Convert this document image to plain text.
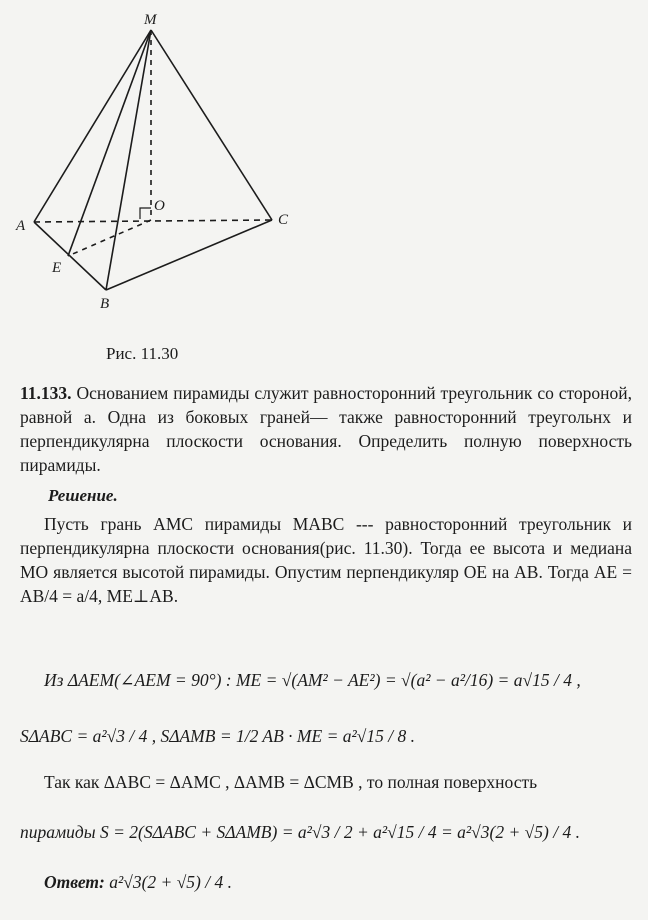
M
O
A	C
E
B
Рис. 11.30
11.133. Основанием пирамиды служит равносторонний треугольник со стороной, равной a. Одна из боковых граней— также равносторонний треугольнх и перпендикулярна плоскости основания. Определить полную поверхность пирамиды.
Решение.
Пусть грань AMC пирамиды MABC --- равносторонний треугольник и перпендикулярна плоскости основания(рис. 11.30). Тогда ее высота и медиана MO является высотой пирамиды. Опустим перпендикуляр OE на AB. Тогда AE = AB/4 = a/4, ME⊥AB.
Из ΔAEM(∠AEM = 90°) : ME = √(AM² − AE²) = √(a² − a²/16) = a√15 / 4 ,
SΔABC = a²√3 / 4 , SΔAMB = 1/2 AB · ME = a²√15 / 8 .
Так как ΔABC = ΔAMC , ΔAMB = ΔCMB , то полная поверхность
пирамиды S = 2(SΔABC + SΔAMB) = a²√3 / 2 + a²√15 / 4 = a²√3(2 + √5) / 4 .
Ответ: a²√3(2 + √5) / 4 .
